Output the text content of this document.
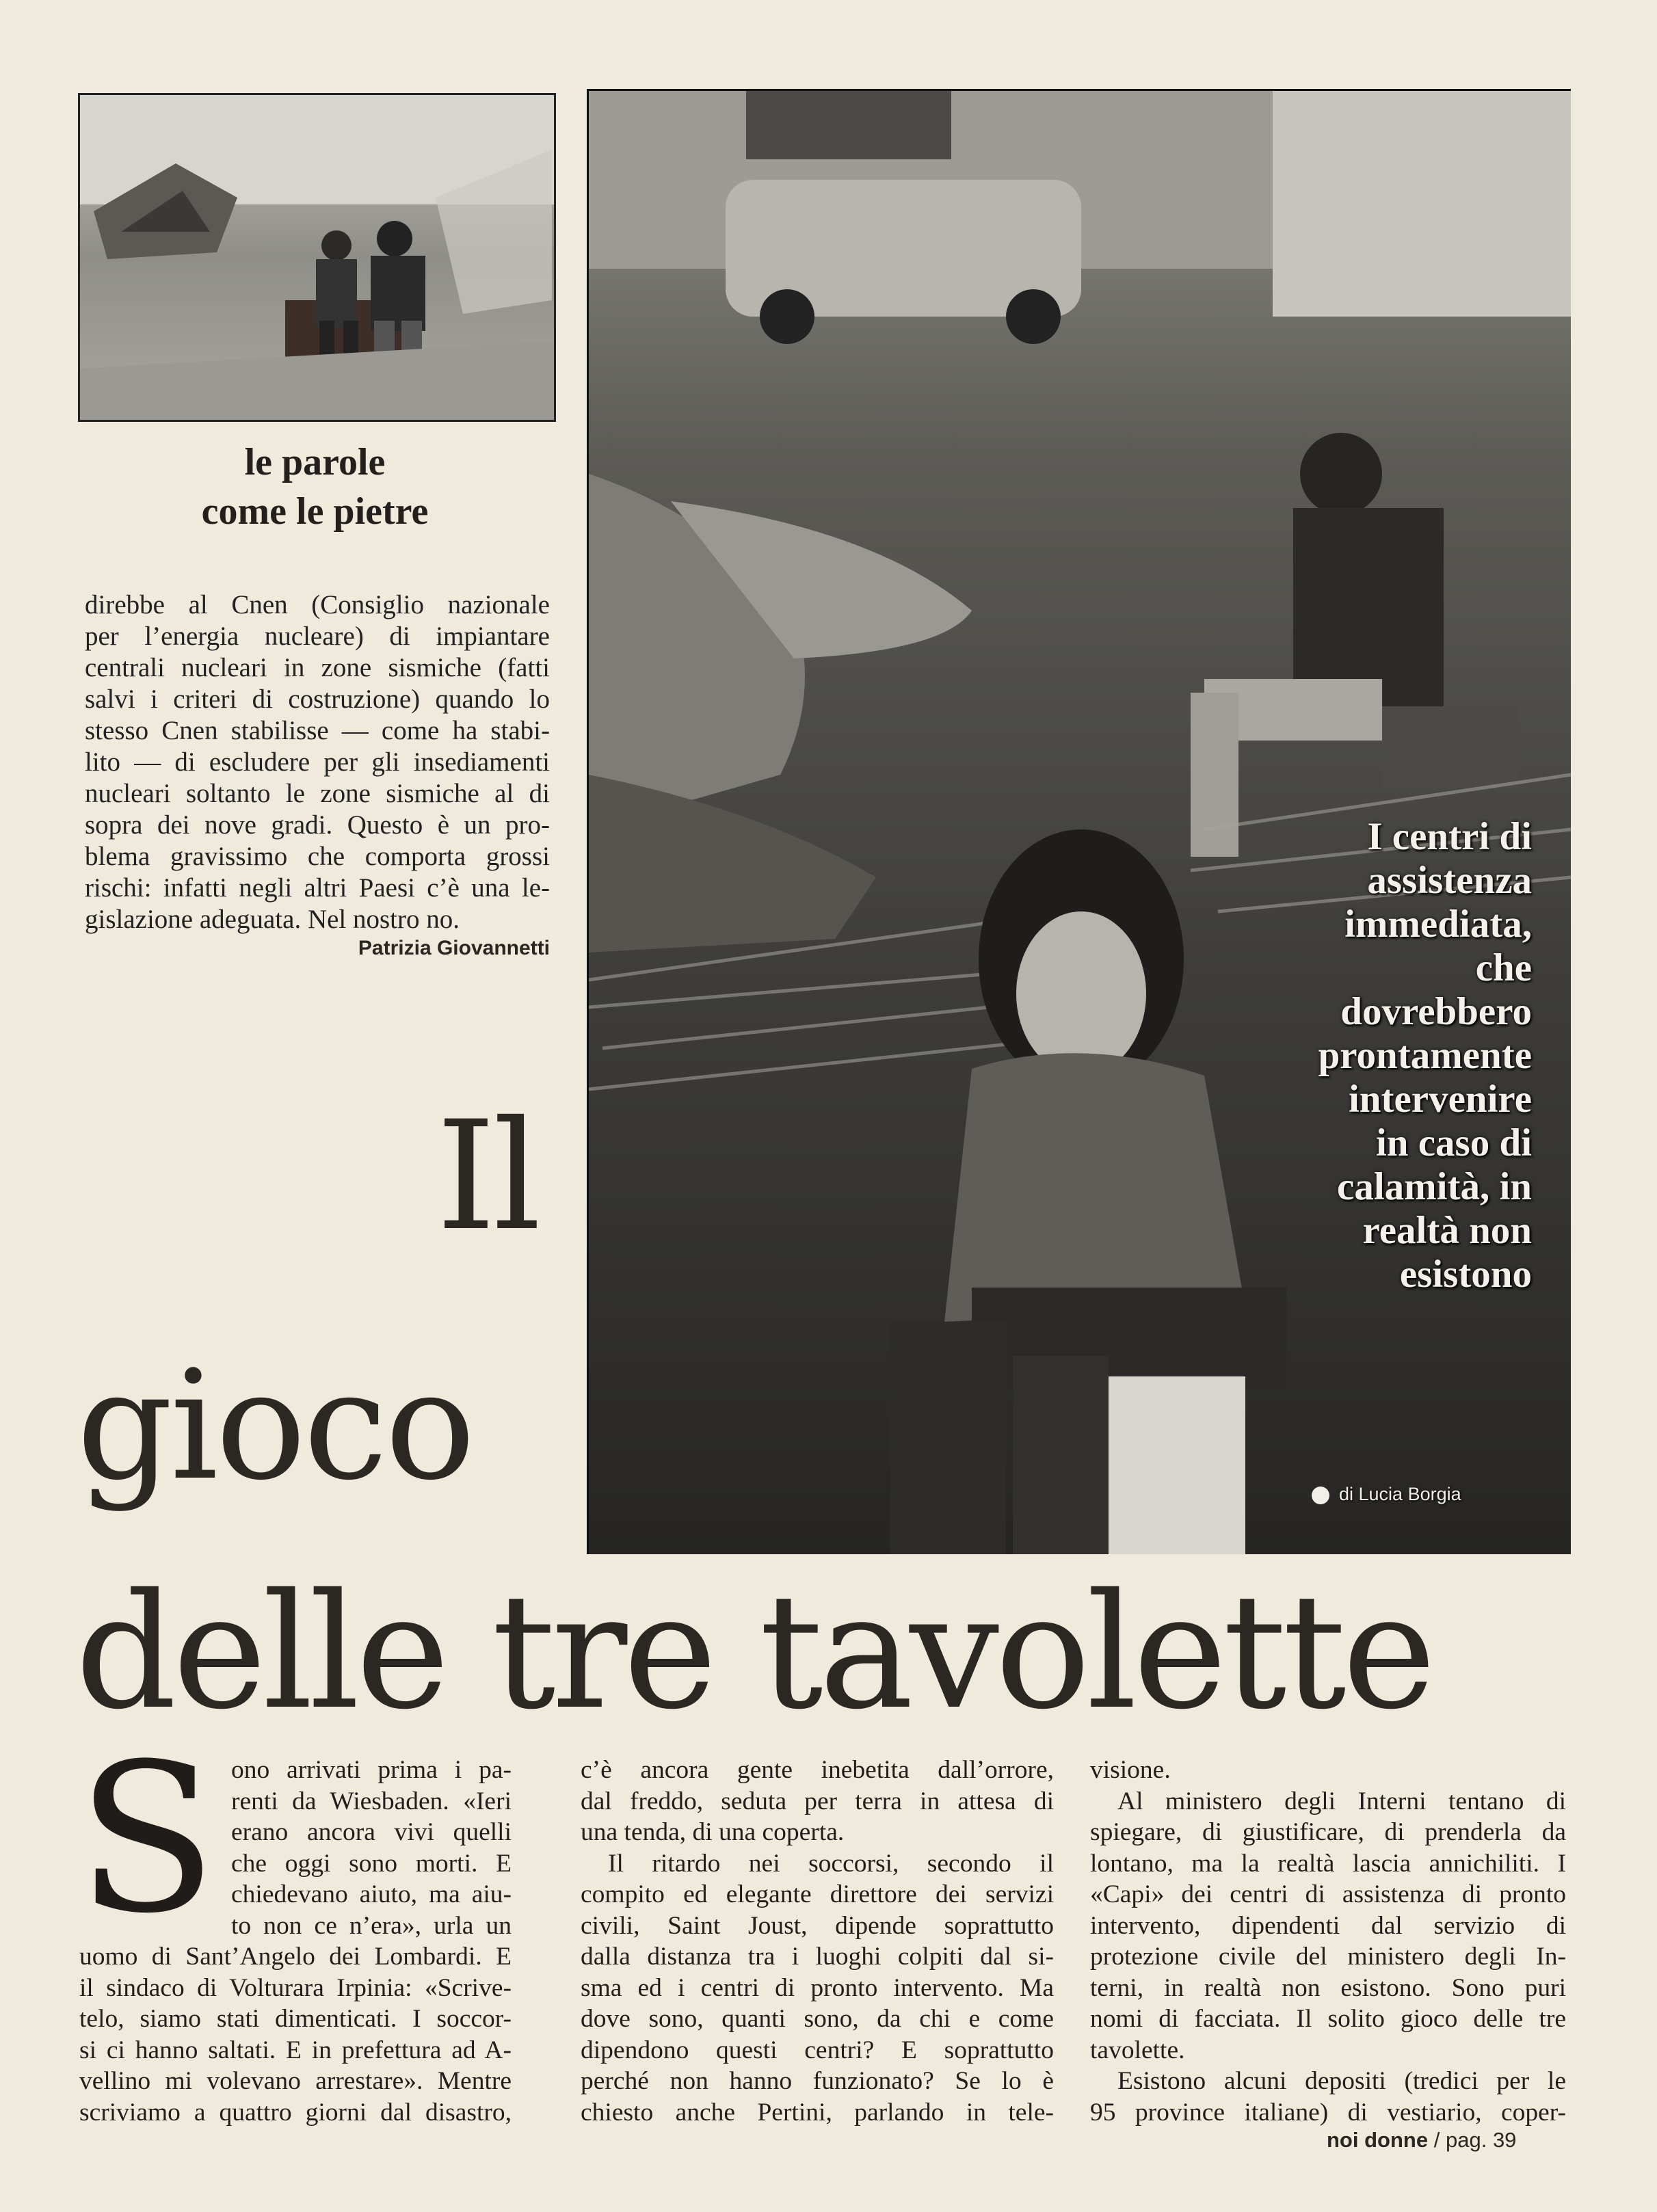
le parole
come le pietre
direbbe al Cnen (Consiglio nazionale
per l’energia nucleare) di impiantare
centrali nucleari in zone sismiche (fatti
salvi i criteri di costruzione) quando lo
stesso Cnen stabilisse — come ha stabi-
lito — di escludere per gli insediamenti
nucleari soltanto le zone sismiche al di
sopra dei nove gradi. Questo è un pro-
blema gravissimo che comporta grossi
rischi: infatti negli altri Paesi c’è una le-
gislazione adeguata. Nel nostro no.
Patrizia Giovannetti
I centri di
assistenza
immediata,
che
dovrebbero
prontamente
intervenire
in caso di
calamità, in
realtà non
esistono
di Lucia Borgia
Il
gioco
delle tre tavolette
S ono arrivati prima i pa-
renti da Wiesbaden. «Ieri
erano ancora vivi quelli
che oggi sono morti. E
chiedevano aiuto, ma aiu-
to non ce n’era», urla un
uomo di Sant’Angelo dei Lombardi. E
il sindaco di Volturara Irpinia: «Scrive-
telo, siamo stati dimenticati. I soccor-
si ci hanno saltati. E in prefettura ad A-
vellino mi volevano arrestare». Mentre
scriviamo a quattro giorni dal disastro,
c’è ancora gente inebetita dall’orrore,
dal freddo, seduta per terra in attesa di
una tenda, di una coperta.
Il ritardo nei soccorsi, secondo il
compito ed elegante direttore dei servizi
civili, Saint Joust, dipende soprattutto
dalla distanza tra i luoghi colpiti dal si-
sma ed i centri di pronto intervento. Ma
dove sono, quanti sono, da chi e come
dipendono questi centri? E soprattutto
perché non hanno funzionato? Se lo è
chiesto anche Pertini, parlando in tele-
visione.
Al ministero degli Interni tentano di
spiegare, di giustificare, di prenderla da
lontano, ma la realtà lascia annichiliti. I
«Capi» dei centri di assistenza di pronto
intervento, dipendenti dal servizio di
protezione civile del ministero degli In-
terni, in realtà non esistono. Sono puri
nomi di facciata. Il solito gioco delle tre
tavolette.
Esistono alcuni depositi (tredici per le
95 province italiane) di vestiario, coper-
noi donne / pag. 39
